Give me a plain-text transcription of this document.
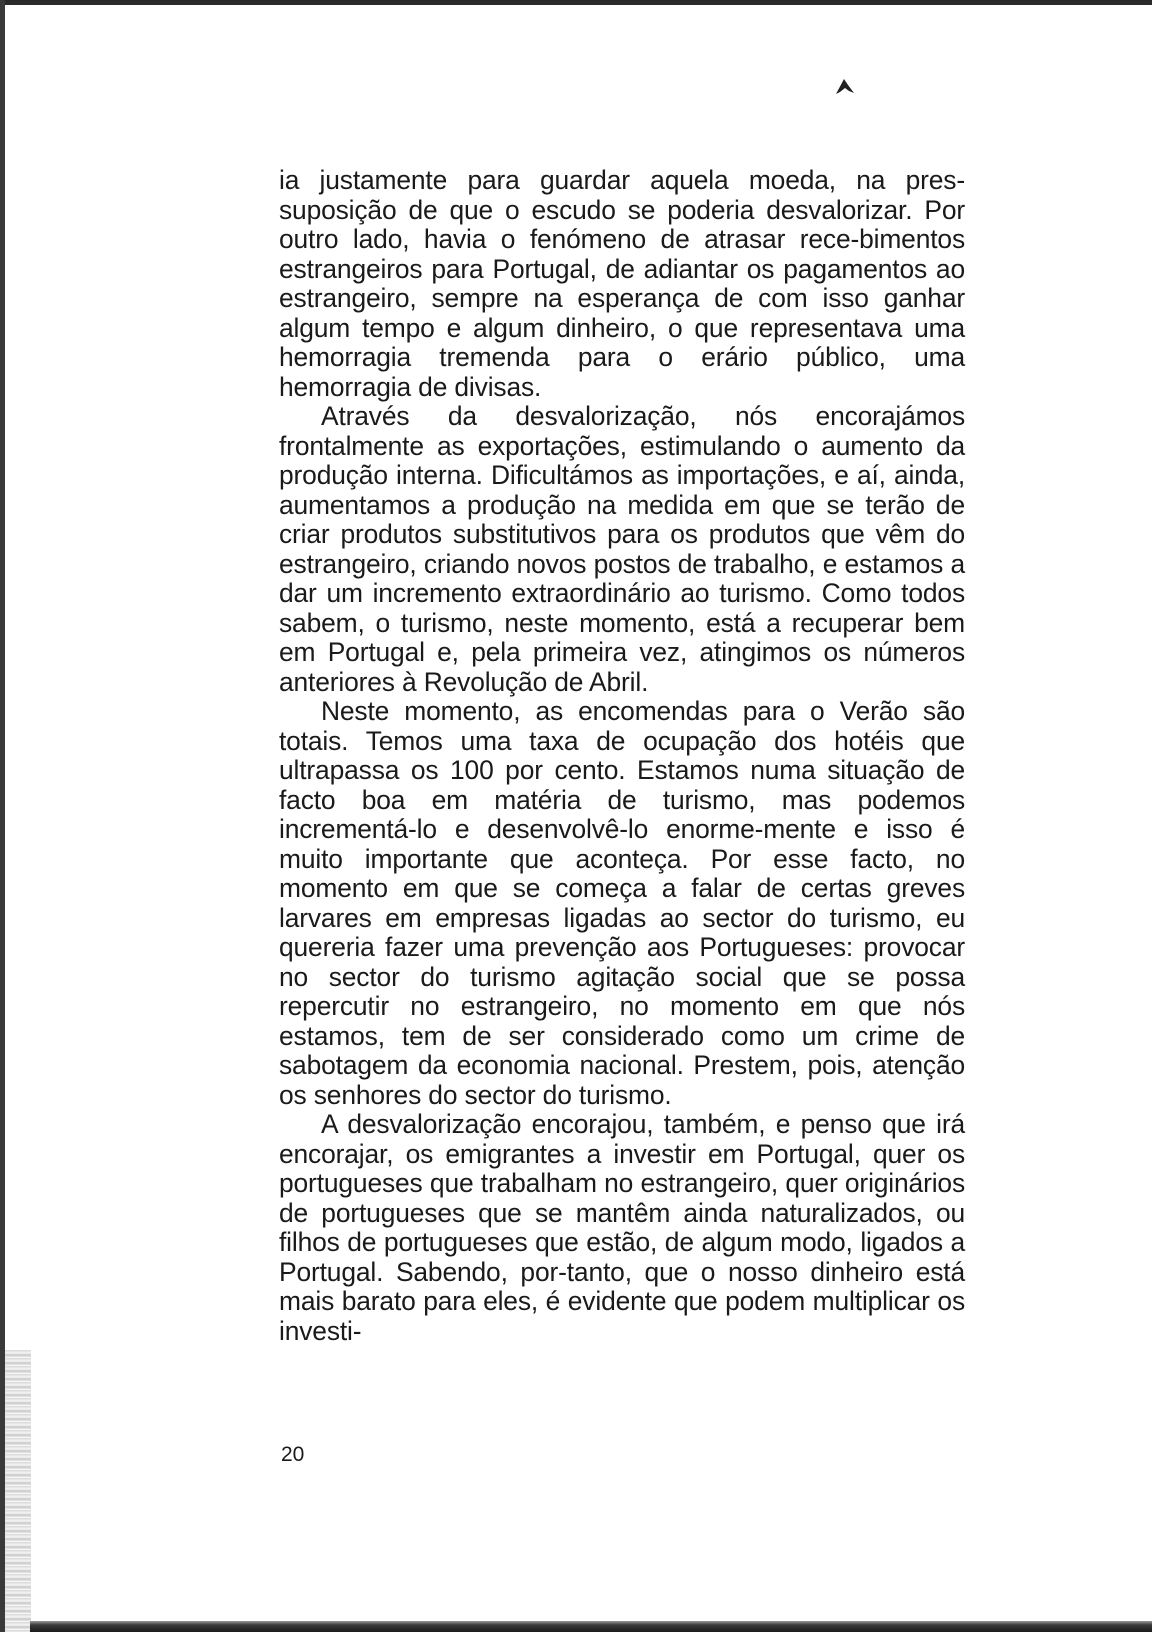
ia justamente para guardar aquela moeda, na pres-suposição de que o escudo se poderia desvalorizar. Por outro lado, havia o fenómeno de atrasar rece-bimentos estrangeiros para Portugal, de adiantar os pagamentos ao estrangeiro, sempre na esperança de com isso ganhar algum tempo e algum dinheiro, o que representava uma hemorragia tremenda para o erário público, uma hemorragia de divisas.

Através da desvalorização, nós encorajámos frontalmente as exportações, estimulando o aumento da produção interna. Dificultámos as importações, e aí, ainda, aumentamos a produção na medida em que se terão de criar produtos substitutivos para os produtos que vêm do estrangeiro, criando novos postos de trabalho, e estamos a dar um incremento extraordinário ao turismo. Como todos sabem, o turismo, neste momento, está a recuperar bem em Portugal e, pela primeira vez, atingimos os números anteriores à Revolução de Abril.

Neste momento, as encomendas para o Verão são totais. Temos uma taxa de ocupação dos hotéis que ultrapassa os 100 por cento. Estamos numa situação de facto boa em matéria de turismo, mas podemos incrementá-lo e desenvolvê-lo enorme-mente e isso é muito importante que aconteça. Por esse facto, no momento em que se começa a falar de certas greves larvares em empresas ligadas ao sector do turismo, eu quereria fazer uma prevenção aos Portugueses: provocar no sector do turismo agitação social que se possa repercutir no estrangeiro, no momento em que nós estamos, tem de ser considerado como um crime de sabotagem da economia nacional. Prestem, pois, atenção os senhores do sector do turismo.

A desvalorização encorajou, também, e penso que irá encorajar, os emigrantes a investir em Portugal, quer os portugueses que trabalham no estrangeiro, quer originários de portugueses que se mantêm ainda naturalizados, ou filhos de portugueses que estão, de algum modo, ligados a Portugal. Sabendo, por-tanto, que o nosso dinheiro está mais barato para eles, é evidente que podem multiplicar os investi-

20
